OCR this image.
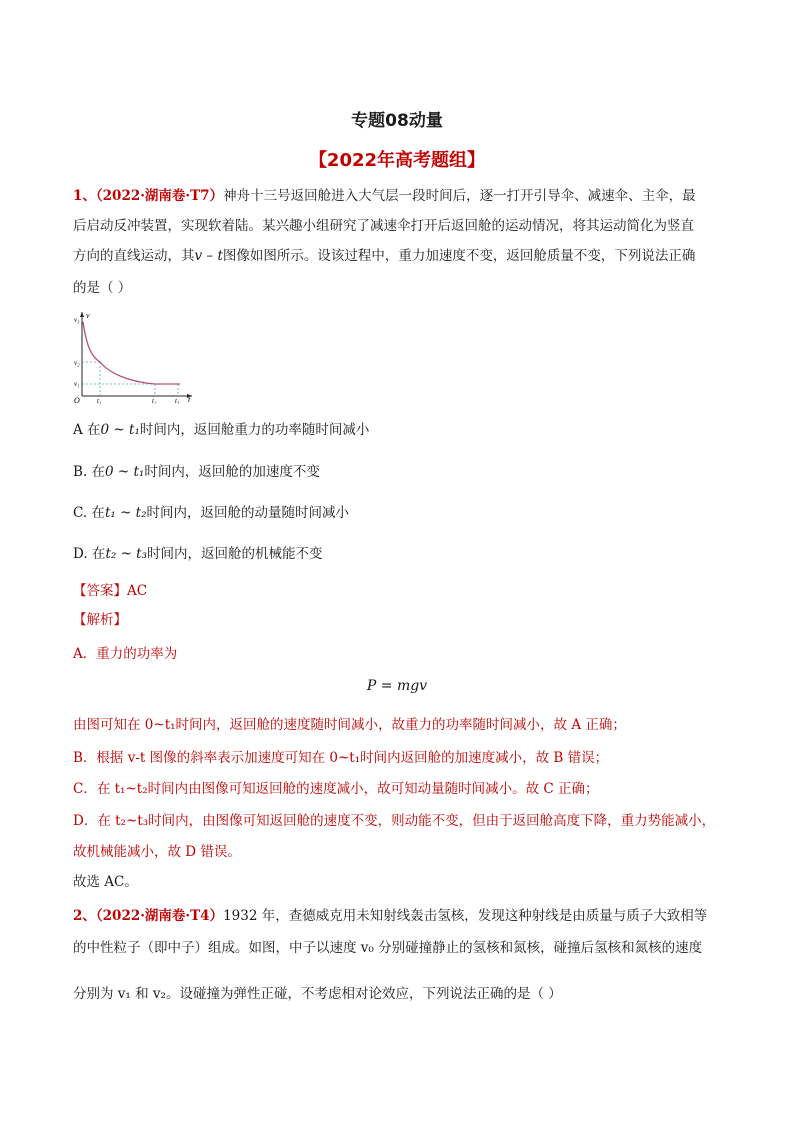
专题08动量
【2022年高考题组】
1、（2022·湖南卷·T7）神舟十三号返回舱进入大气层一段时间后，逐一打开引导伞、减速伞、主伞，最
后启动反冲装置，实现软着陆。某兴趣小组研究了减速伞打开后返回舱的运动情况，将其运动简化为竖直
方向的直线运动，其v – t图像如图所示。设该过程中，重力加速度不变，返回舱质量不变，下列说法正确
的是（ ）
v₃
v₂
v₁
v
t
O t₁	t₂	t₃
A 在0 ~ t₁时间内，返回舱重力的功率随时间减小
B. 在0 ~ t₁时间内，返回舱的加速度不变
C. 在t₁ ~ t₂时间内，返回舱的动量随时间减小
D. 在t₂ ~ t₃时间内，返回舱的机械能不变
【答案】AC
【解析】
A．重力的功率为
P = mgv
由图可知在 0~t₁时间内，返回舱的速度随时间减小，故重力的功率随时间减小，故 A 正确；
B．根据 v-t 图像的斜率表示加速度可知在 0~t₁时间内返回舱的加速度减小，故 B 错误；
C．在 t₁~t₂时间内由图像可知返回舱的速度减小，故可知动量随时间减小。故 C 正确；
D．在 t₂~t₃时间内，由图像可知返回舱的速度不变，则动能不变，但由于返回舱高度下降，重力势能减小，
故机械能减小，故 D 错误。
故选 AC。
2、（2022·湖南卷·T4）1932 年，查德威克用未知射线轰击氢核，发现这种射线是由质量与质子大致相等
的中性粒子（即中子）组成。如图，中子以速度 v₀ 分别碰撞静止的氢核和氮核，碰撞后氢核和氮核的速度
分别为 v₁ 和 v₂。设碰撞为弹性正碰，不考虑相对论效应，下列说法正确的是（ ）
